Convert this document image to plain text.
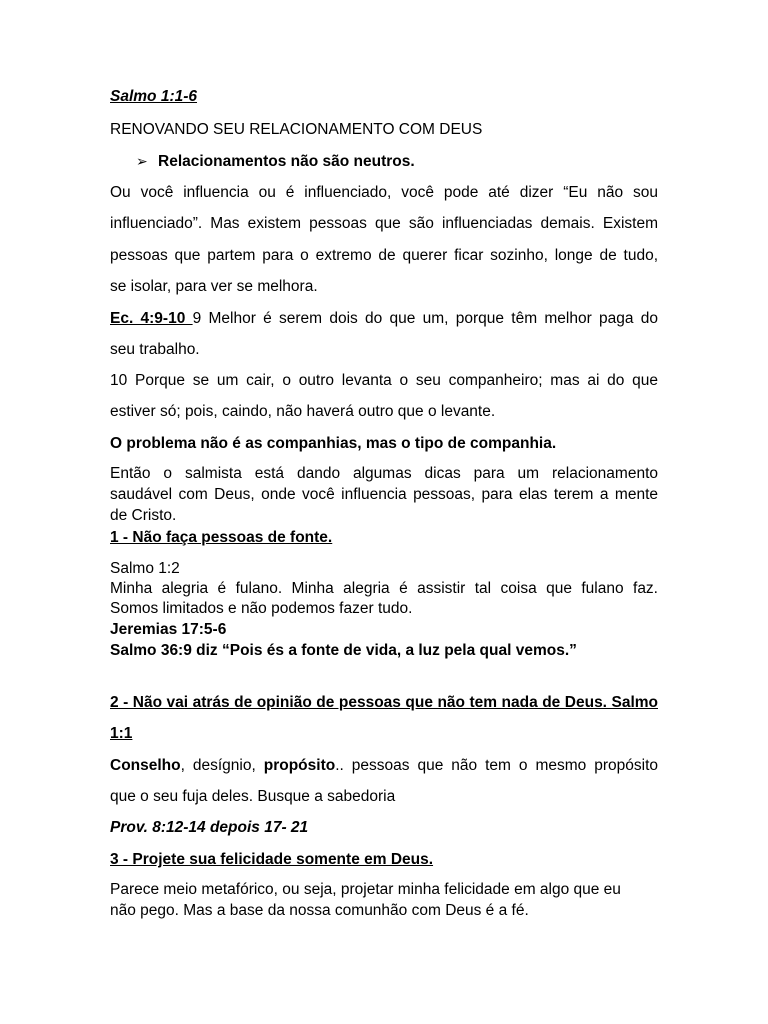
Salmo 1:1-6
RENOVANDO SEU RELACIONAMENTO COM DEUS
➢ Relacionamentos não são neutros.
Ou você influencia ou é influenciado, você pode até dizer “Eu não sou
influenciado”. Mas existem pessoas que são influenciadas demais. Existem
pessoas que partem para o extremo de querer ficar sozinho, longe de tudo,
se isolar, para ver se melhora.
Ec. 4:9-10 9 Melhor é serem dois do que um, porque têm melhor paga do
seu trabalho.
10 Porque se um cair, o outro levanta o seu companheiro; mas ai do que
estiver só; pois, caindo, não haverá outro que o levante.
O problema não é as companhias, mas o tipo de companhia.
Então o salmista está dando algumas dicas para um relacionamento
saudável com Deus, onde você influencia pessoas, para elas terem a mente
de Cristo.
1 - Não faça pessoas de fonte.
Salmo 1:2
Minha alegria é fulano. Minha alegria é assistir tal coisa que fulano faz.
Somos limitados e não podemos fazer tudo.
Jeremias 17:5-6
Salmo 36:9 diz “Pois és a fonte de vida, a luz pela qual vemos.”
2 - Não vai atrás de opinião de pessoas que não tem nada de Deus. Salmo
1:1
Conselho, desígnio, propósito.. pessoas que não tem o mesmo propósito
que o seu fuja deles. Busque a sabedoria
Prov. 8:12-14 depois 17- 21
3 - Projete sua felicidade somente em Deus.
Parece meio metafórico, ou seja, projetar minha felicidade em algo que eu
não pego. Mas a base da nossa comunhão com Deus é a fé.
